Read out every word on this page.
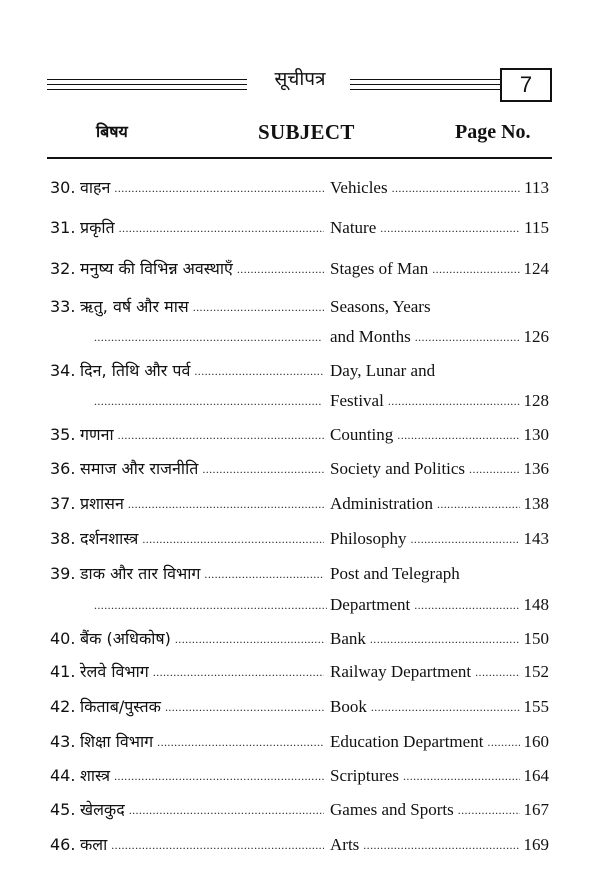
सूचीपत्र	7
बिषय	SUBJECT	Page No.
30. वाहन .....	Vehicles .....	113
31. प्रकृति .....	Nature .....	115
32. मनुष्य की विभिन्न अवस्थाएँ .....	Stages of Man .....	124
33. ऋतु, वर्ष और मास .....	Seasons, Years
.....
and Months .....	126
34. दिन, तिथि और पर्व .....	Day, Lunar and
.....
Festival .....	128
35. गणना .....	Counting .....	130
36. समाज और राजनीति .....	Society and Politics .....	136
37. प्रशासन .....	Administration .....	138
38. दर्शनशास्त्र .....	Philosophy .....	143
39. डाक और तार विभाग .....	Post and Telegraph
.....
Department .....	148
40. बैंक (अधिकोष) .....	Bank .....	150
41. रेलवे विभाग .....	Railway Department .....	152
42. किताब/पुस्तक .....	Book .....	155
43. शिक्षा विभाग .....	Education Department ..... 160
44. शास्त्र .....	Scriptures .....	164
45. खेलकुद .....	Games and Sports .....	167
46. कला .....	Arts .....	169
